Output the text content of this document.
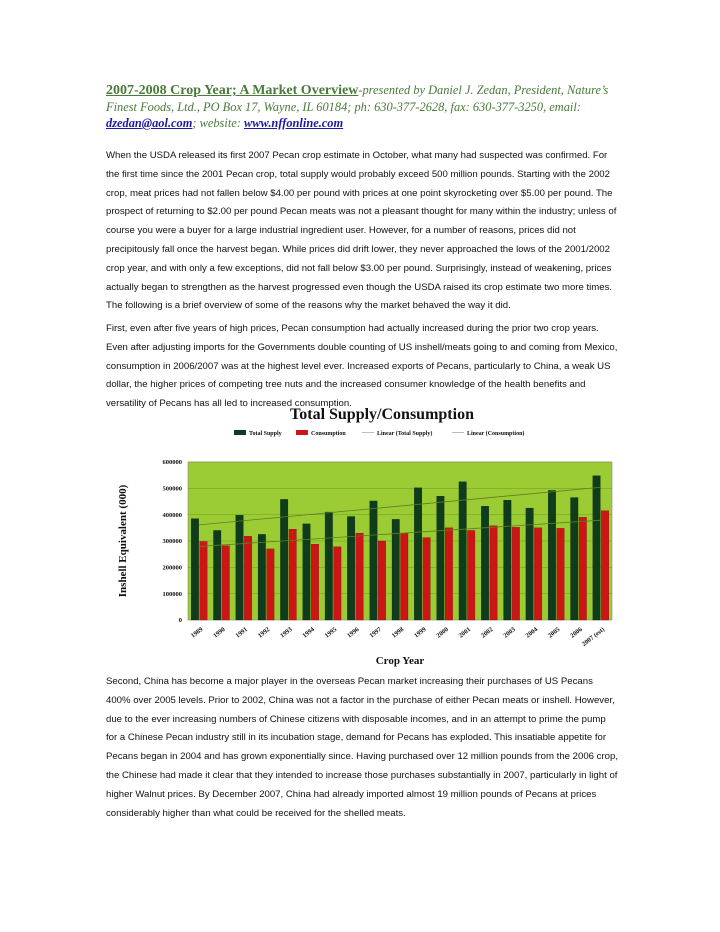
2007-2008 Crop Year; A Market Overview-presented by Daniel J. Zedan, President, Nature’s Finest Foods, Ltd., PO Box 17, Wayne, IL 60184; ph: 630-377-2628, fax: 630-377-3250, email: dzedan@aol.com; website: www.nffonline.com
When the USDA released its first 2007 Pecan crop estimate in October, what many had suspected was confirmed. For the first time since the 2001 Pecan crop, total supply would probably exceed 500 million pounds. Starting with the 2002 crop, meat prices had not fallen below $4.00 per pound with prices at one point skyrocketing over $5.00 per pound. The prospect of returning to $2.00 per pound Pecan meats was not a pleasant thought for many within the industry; unless of course you were a buyer for a large industrial ingredient user. However, for a number of reasons, prices did not precipitously fall once the harvest began. While prices did drift lower, they never approached the lows of the 2001/2002 crop year, and with only a few exceptions, did not fall below $3.00 per pound. Surprisingly, instead of weakening, prices actually began to strengthen as the harvest progressed even though the USDA raised its crop estimate two more times. The following is a brief overview of some of the reasons why the market behaved the way it did.
First, even after five years of high prices, Pecan consumption had actually increased during the prior two crop years. Even after adjusting imports for the Governments double counting of US inshell/meats going to and coming from Mexico, consumption in 2006/2007 was at the highest level ever. Increased exports of Pecans, particularly to China, a weak US dollar, the higher prices of competing tree nuts and the increased consumer knowledge of the health benefits and versatility of Pecans has all led to increased consumption.
Total Supply/Consumption
Total Supply	Consumption	Linear (Total Supply)	Linear (Consumption)
0
100000
200000
300000
400000
500000
600000
Inshell Equivalent (000)
1989 1990 1991 1992 1993 1994 1995 1996 1997 1998 1999 2000 2001 2002 2003 2004 2005 2006
2007 (est)
Crop Year
Second, China has become a major player in the overseas Pecan market increasing their purchases of US Pecans 400% over 2005 levels. Prior to 2002, China was not a factor in the purchase of either Pecan meats or inshell. However, due to the ever increasing numbers of Chinese citizens with disposable incomes, and in an attempt to prime the pump for a Chinese Pecan industry still in its incubation stage, demand for Pecans has exploded. This insatiable appetite for Pecans began in 2004 and has grown exponentially since. Having purchased over 12 million pounds from the 2006 crop, the Chinese had made it clear that they intended to increase those purchases substantially in 2007, particularly in light of higher Walnut prices. By December 2007, China had already imported almost 19 million pounds of Pecans at prices considerably higher than what could be received for the shelled meats.
